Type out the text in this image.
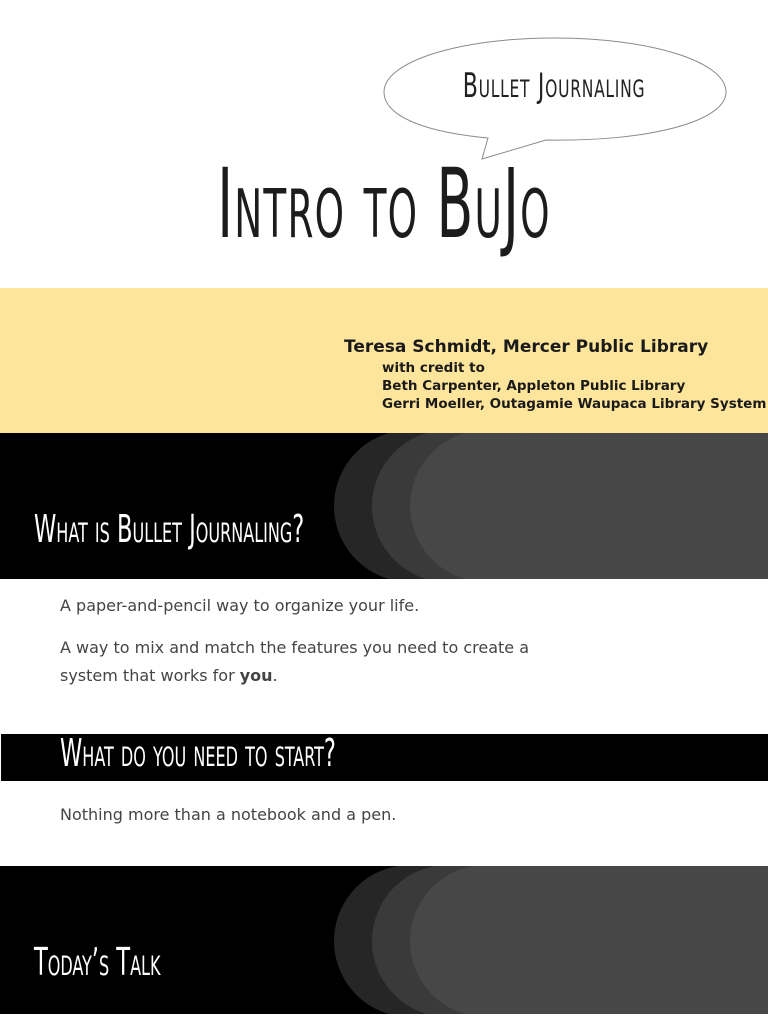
Bullet Journaling
Intro to BuJo
Teresa Schmidt, Mercer Public Library
with credit to
Beth Carpenter, Appleton Public Library
Gerri Moeller, Outagamie Waupaca Library System
What is Bullet Journaling?
A paper-and-pencil way to organize your life.
A way to mix and match the features you need to create a
system that works for you.
What do you need to start?
Nothing more than a notebook and a pen.
Today’s Talk
